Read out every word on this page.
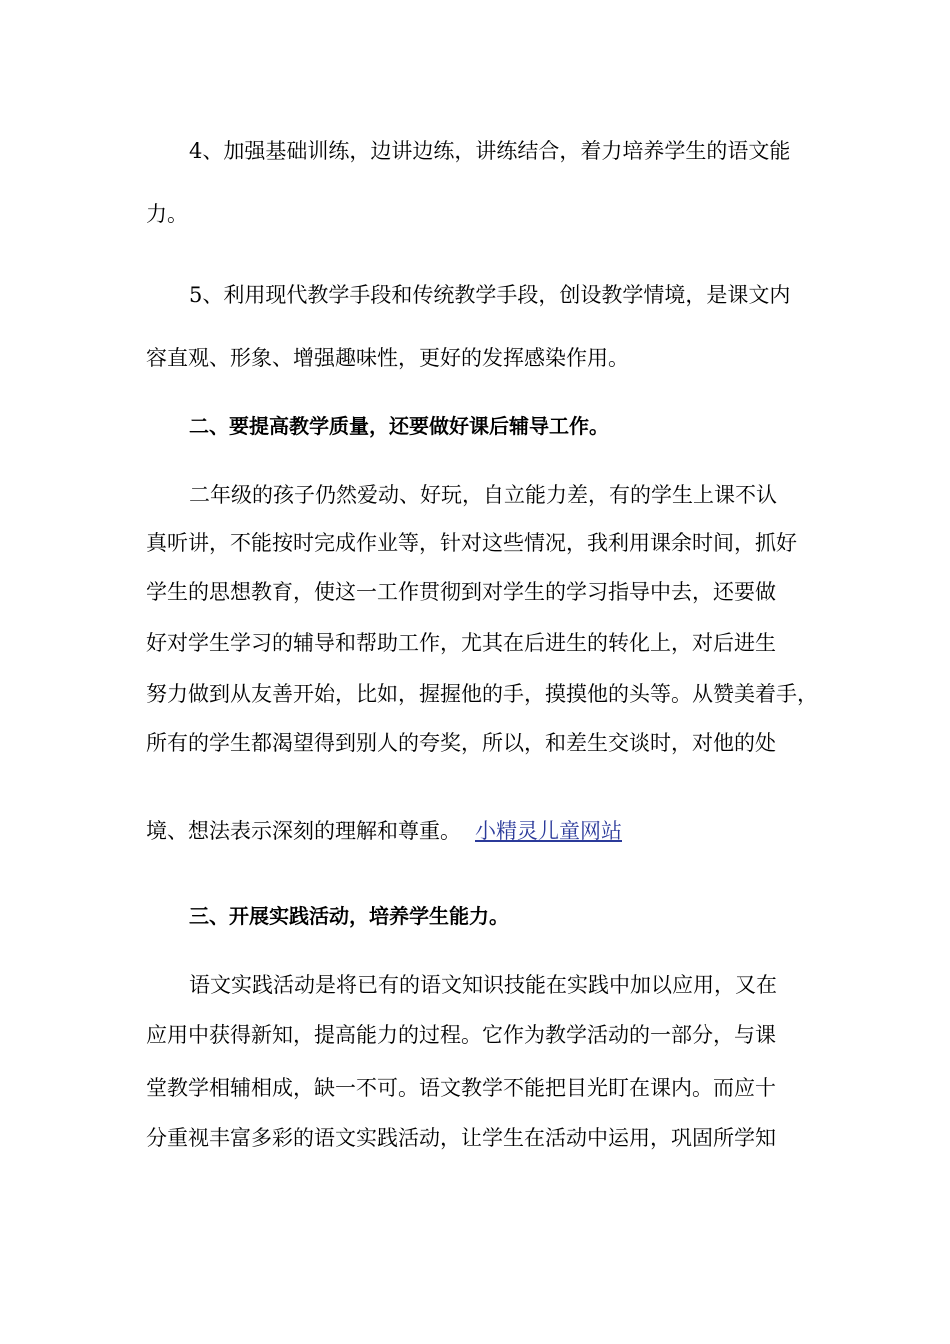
4、加强基础训练，边讲边练，讲练结合，着力培养学生的语文能
力。
5、利用现代教学手段和传统教学手段，创设教学情境，是课文内
容直观、形象、增强趣味性，更好的发挥感染作用。
二、要提高教学质量，还要做好课后辅导工作。
二年级的孩子仍然爱动、好玩，自立能力差，有的学生上课不认
真听讲，不能按时完成作业等，针对这些情况，我利用课余时间，抓好
学生的思想教育，使这一工作贯彻到对学生的学习指导中去，还要做
好对学生学习的辅导和帮助工作，尤其在后进生的转化上，对后进生
努力做到从友善开始，比如，握握他的手，摸摸他的头等。从赞美着手，
所有的学生都渴望得到别人的夸奖，所以，和差生交谈时，对他的处
境、想法表示深刻的理解和尊重。 小精灵儿童网站
三、开展实践活动，培养学生能力。
语文实践活动是将已有的语文知识技能在实践中加以应用，又在
应用中获得新知，提高能力的过程。它作为教学活动的一部分，与课
堂教学相辅相成，缺一不可。语文教学不能把目光盯在课内。而应十
分重视丰富多彩的语文实践活动，让学生在活动中运用，巩固所学知
